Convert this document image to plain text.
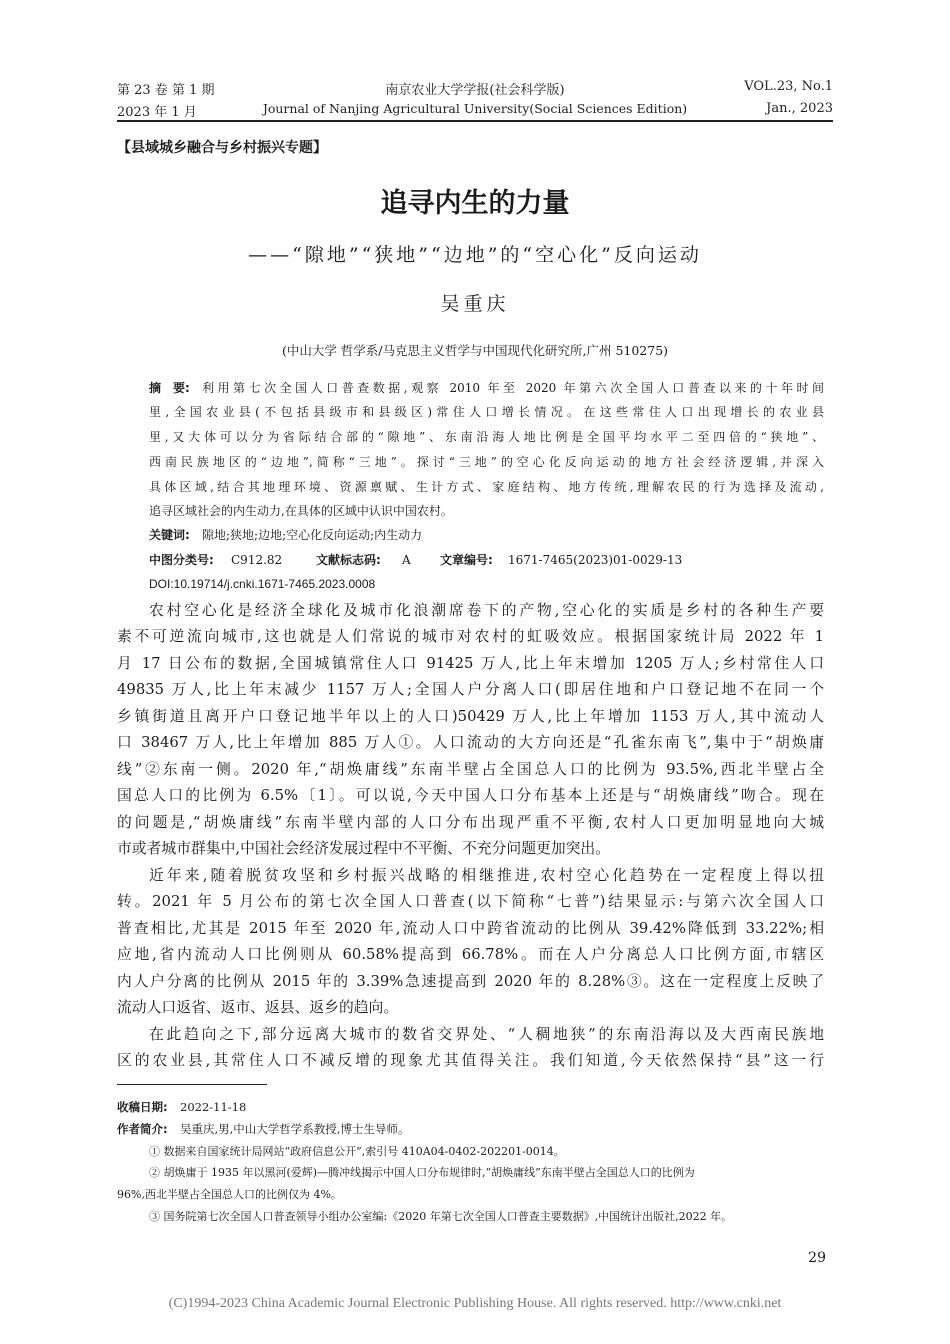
第 23 卷 第 1 期
2023 年 1 月
南京农业大学学报(社会科学版)
Journal of Nanjing Agricultural University(Social Sciences Edition)
VOL.23, No.1
Jan., 2023
【县域城乡融合与乡村振兴专题】
追寻内生的力量
——“隙地”“狭地”“边地”的“空心化”反向运动
吴重庆
(中山大学 哲学系/马克思主义哲学与中国现代化研究所,广州 510275)
摘　要: 利用第七次全国人口普查数据,观察 2010 年至 2020 年第六次全国人口普查以来的十年时间
里,全国农业县(不包括县级市和县级区)常住人口增长情况。在这些常住人口出现增长的农业县
里,又大体可以分为省际结合部的“隙地”、东南沿海人地比例是全国平均水平二至四倍的“狭地”、
西南民族地区的“边地”,简称“三地”。探讨“三地”的空心化反向运动的地方社会经济逻辑,并深入
具体区域,结合其地理环境、资源禀赋、生计方式、家庭结构、地方传统,理解农民的行为选择及流动,
追寻区域社会的内生动力,在具体的区域中认识中国农村。
关键词: 隙地;狭地;边地;空心化反向运动;内生动力
中图分类号: C912.82	文献标志码: A 文章编号: 1671-7465(2023)01-0029-13
DOI:10.19714/j.cnki.1671-7465.2023.0008
农村空心化是经济全球化及城市化浪潮席卷下的产物,空心化的实质是乡村的各种生产要
素不可逆流向城市,这也就是人们常说的城市对农村的虹吸效应。根据国家统计局 2022 年 1
月 17 日公布的数据,全国城镇常住人口 91425 万人,比上年末增加 1205 万人;乡村常住人口
49835 万人,比上年末减少 1157 万人;全国人户分离人口(即居住地和户口登记地不在同一个
乡镇街道且离开户口登记地半年以上的人口)50429 万人,比上年增加 1153 万人,其中流动人
口 38467 万人,比上年增加 885 万人①。人口流动的大方向还是“孔雀东南飞”,集中于“胡焕庸
线”②东南一侧。2020 年,“胡焕庸线”东南半壁占全国总人口的比例为 93.5%,西北半壁占全
国总人口的比例为 6.5%〔1〕。可以说,今天中国人口分布基本上还是与“胡焕庸线”吻合。现在
的问题是,“胡焕庸线”东南半壁内部的人口分布出现严重不平衡,农村人口更加明显地向大城
市或者城市群集中,中国社会经济发展过程中不平衡、不充分问题更加突出。
近年来,随着脱贫攻坚和乡村振兴战略的相继推进,农村空心化趋势在一定程度上得以扭
转。2021 年 5 月公布的第七次全国人口普查(以下简称“七普”)结果显示:与第六次全国人口
普查相比,尤其是 2015 年至 2020 年,流动人口中跨省流动的比例从 39.42%降低到 33.22%;相
应地,省内流动人口比例则从 60.58%提高到 66.78%。而在人户分离总人口比例方面,市辖区
内人户分离的比例从 2015 年的 3.39%急速提高到 2020 年的 8.28%③。这在一定程度上反映了
流动人口返省、返市、返县、返乡的趋向。
在此趋向之下,部分远离大城市的数省交界处、“人稠地狭”的东南沿海以及大西南民族地
区的农业县,其常住人口不减反增的现象尤其值得关注。我们知道,今天依然保持“县”这一行
收稿日期: 2022-11-18
作者简介: 吴重庆,男,中山大学哲学系教授,博士生导师。
① 数据来自国家统计局网站“政府信息公开”,索引号 410A04-0402-202201-0014。
② 胡焕庸于 1935 年以黑河(爱辉)—腾冲线揭示中国人口分布规律时,“胡焕庸线”东南半壁占全国总人口的比例为
96%,西北半壁占全国总人口的比例仅为 4%。
③ 国务院第七次全国人口普查领导小组办公室编:《2020 年第七次全国人口普查主要数据》,中国统计出版社,2022 年。
29
(C)1994-2023 China Academic Journal Electronic Publishing House. All rights reserved. http://www.cnki.net
